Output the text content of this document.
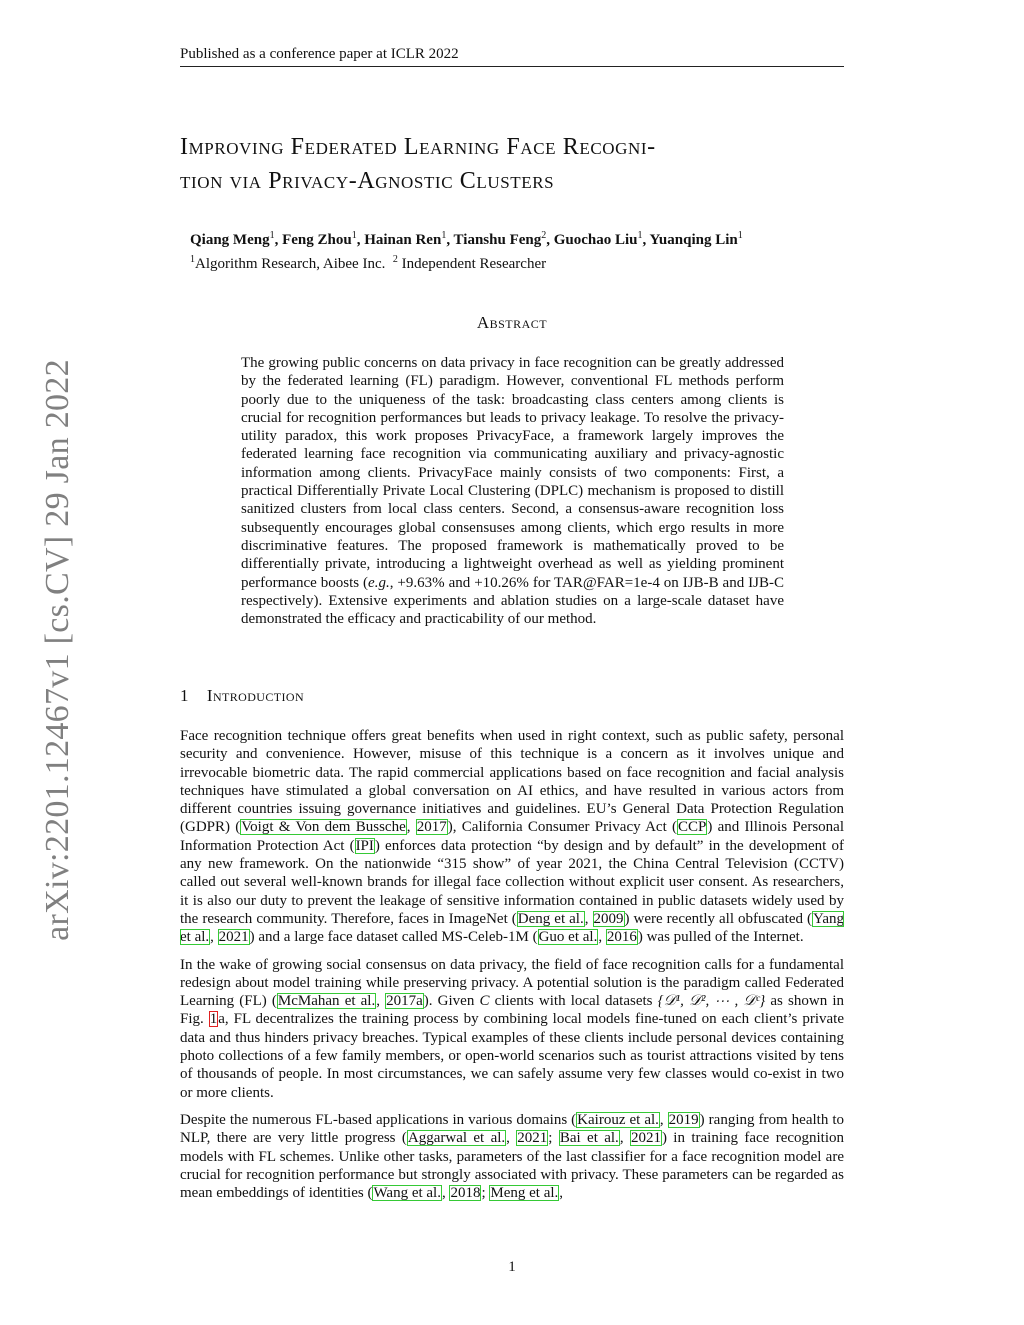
Published as a conference paper at ICLR 2022
arXiv:2201.12467v1 [cs.CV] 29 Jan 2022
Improving Federated Learning Face Recogni-
tion via Privacy-Agnostic Clusters
Qiang Meng$^1$, Feng Zhou$^1$, Hainan Ren$^1$, Tianshu Feng$^2$, Guochao Liu$^1$, Yuanqing Lin$^1$
$^1$Algorithm Research, Aibee Inc. $^2$ Independent Researcher
Abstract
The growing public concerns on data privacy in face recognition can be greatly addressed by the federated learning (FL) paradigm. However, conventional FL methods perform poorly due to the uniqueness of the task: broadcasting class centers among clients is crucial for recognition performances but leads to privacy leakage. To resolve the privacy-utility paradox, this work proposes PrivacyFace, a framework largely improves the federated learning face recognition via communicating auxiliary and privacy-agnostic information among clients. PrivacyFace mainly consists of two components: First, a practical Differentially Private Local Clustering (DPLC) mechanism is proposed to distill sanitized clusters from local class centers. Second, a consensus-aware recognition loss subsequently encourages global consensuses among clients, which ergo results in more discriminative features. The proposed framework is mathematically proved to be differentially private, introducing a lightweight overhead as well as yielding prominent performance boosts (e.g., +9.63% and +10.26% for TAR@FAR=1e-4 on IJB-B and IJB-C respectively). Extensive experiments and ablation studies on a large-scale dataset have demonstrated the efficacy and practicability of our method.
1 Introduction

Face recognition technique offers great benefits when used in right context, such as public safety, personal security and convenience. However, misuse of this technique is a concern as it involves unique and irrevocable biometric data. The rapid commercial applications based on face recognition and facial analysis techniques have stimulated a global conversation on AI ethics, and have resulted in various actors from different countries issuing governance initiatives and guidelines. EU’s General Data Protection Regulation (GDPR) (Voigt & Von dem Bussche, 2017), California Consumer Privacy Act (CCP) and Illinois Personal Information Protection Act (IPI) enforces data protection “by design and by default” in the development of any new framework. On the nationwide “315 show” of year 2021, the China Central Television (CCTV) called out several well-known brands for illegal face collection without explicit user consent. As researchers, it is also our duty to prevent the leakage of sensitive information contained in public datasets widely used by the research community. Therefore, faces in ImageNet (Deng et al., 2009) were recently all obfuscated (Yang et al., 2021) and a large face dataset called MS-Celeb-1M (Guo et al., 2016) was pulled of the Internet.

In the wake of growing social consensus on data privacy, the field of face recognition calls for a fundamental redesign about model training while preserving privacy. A potential solution is the paradigm called Federated Learning (FL) (McMahan et al., 2017a). Given C clients with local datasets {𝒟¹, 𝒟², ⋯ , 𝒟ᶜ} as shown in Fig. 1a, FL decentralizes the training process by combining local models fine-tuned on each client’s private data and thus hinders privacy breaches. Typical examples of these clients include personal devices containing photo collections of a few family members, or open-world scenarios such as tourist attractions visited by tens of thousands of people. In most circumstances, we can safely assume very few classes would co-exist in two or more clients.

Despite the numerous FL-based applications in various domains (Kairouz et al., 2019) ranging from health to NLP, there are very little progress (Aggarwal et al., 2021; Bai et al., 2021) in training face recognition models with FL schemes. Unlike other tasks, parameters of the last classifier for a face recognition model are crucial for recognition performance but strongly associated with privacy. These parameters can be regarded as mean embeddings of identities (Wang et al., 2018; Meng et al.,

1
